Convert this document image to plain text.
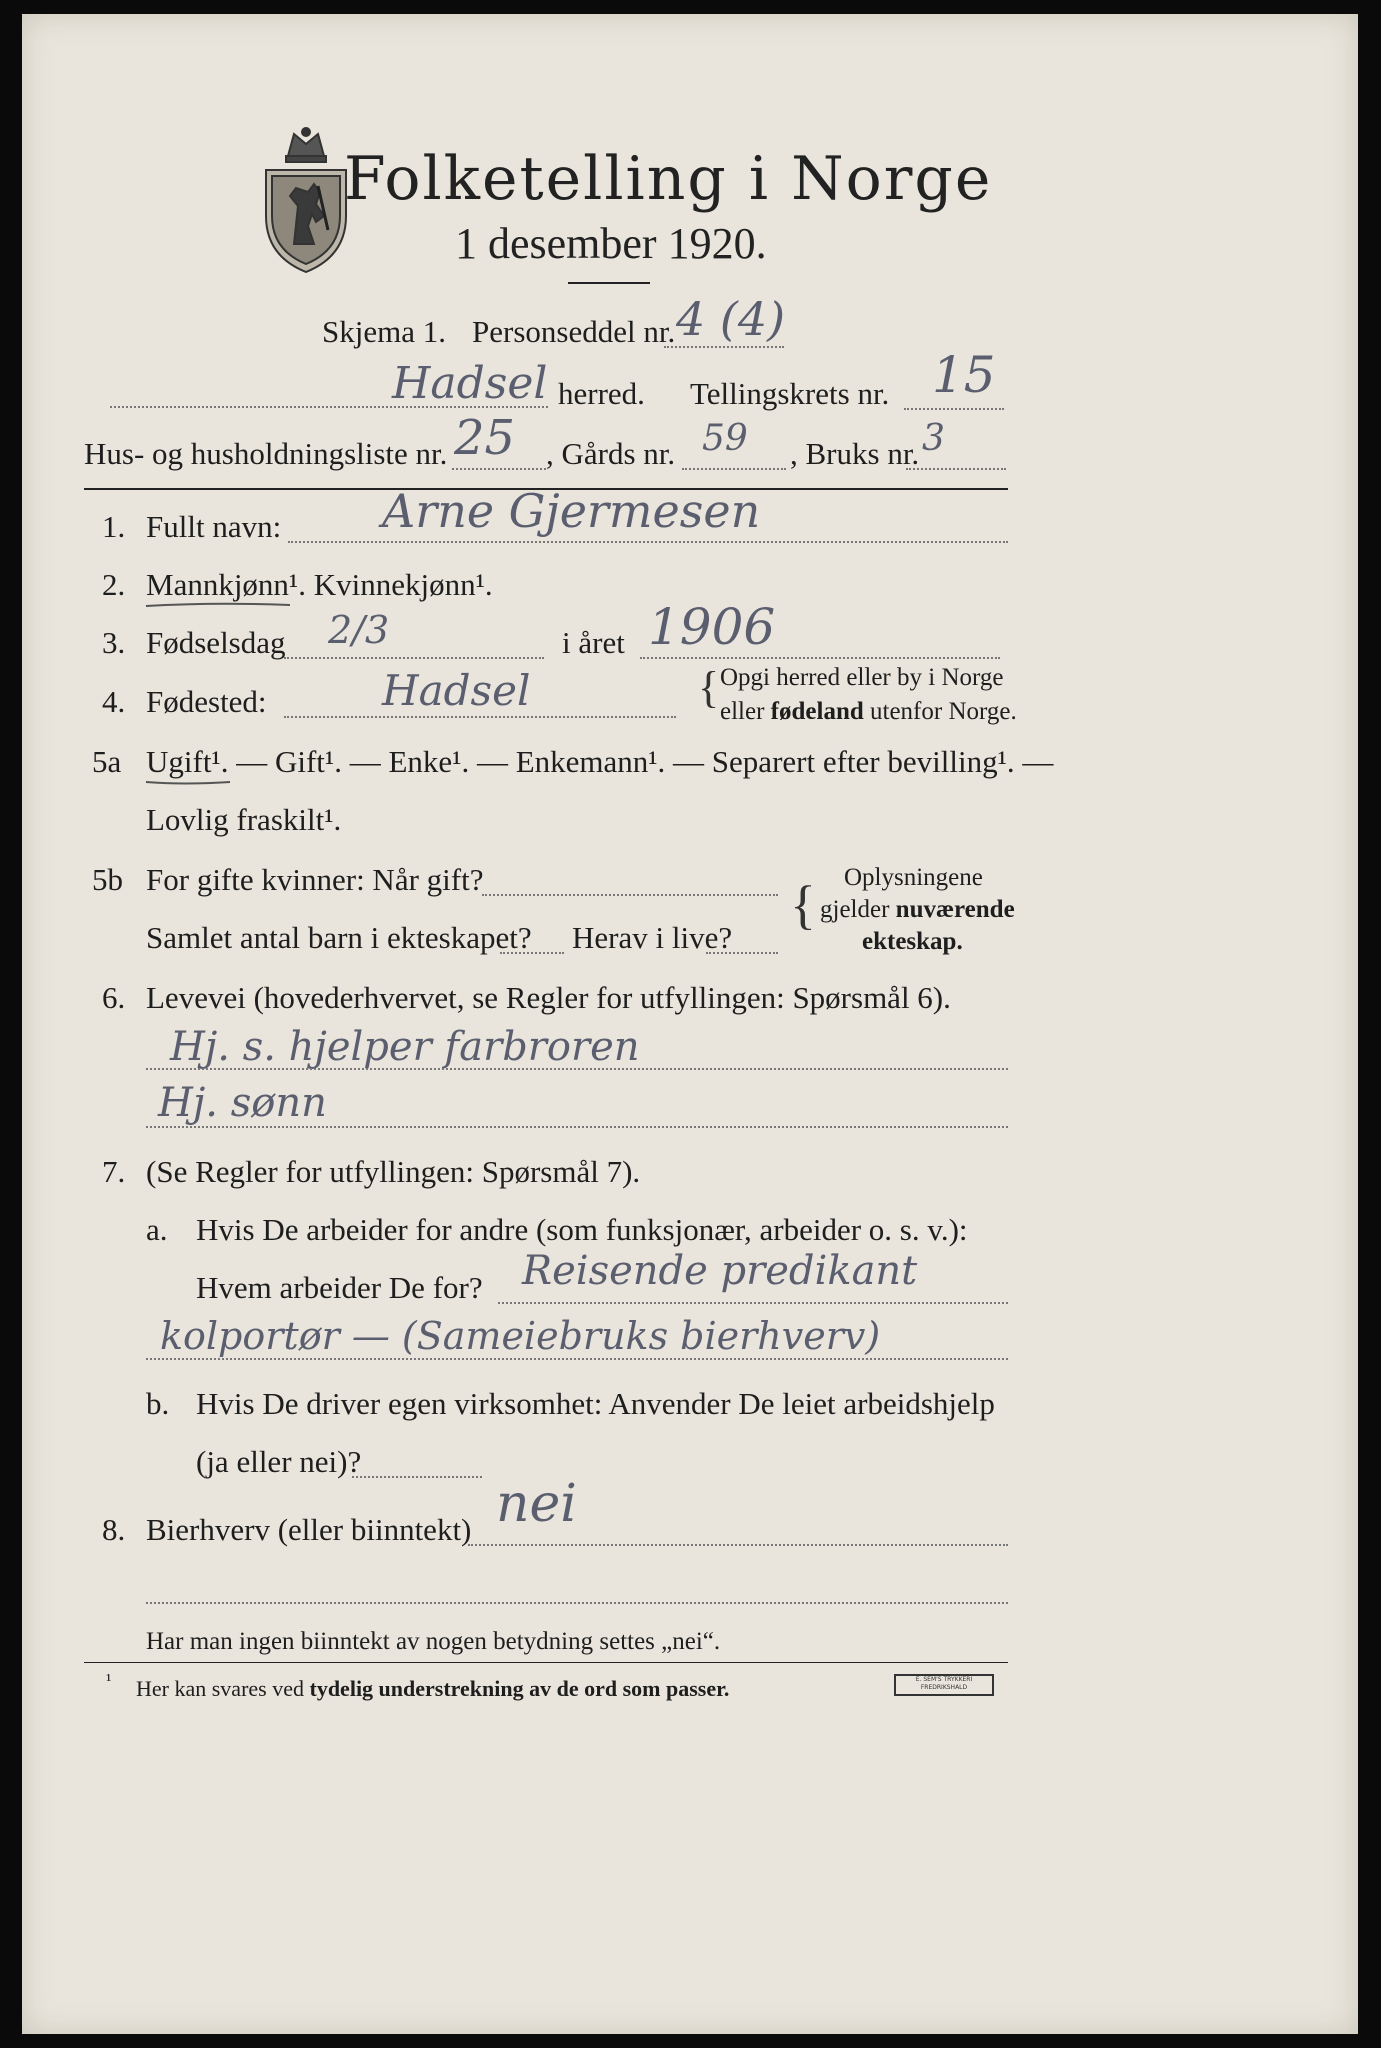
Folketelling i Norge
1 desember 1920.
Skjema 1. Personseddel nr. 4 (4)
Hadsel herred. Tellingskrets nr. 15
Hus- og husholdningsliste nr. 25 , Gårds nr. 59 , Bruks nr. 3
1. Fullt navn: Arne Gjermesen
2. Mannkjønn¹. Kvinnekjønn¹.
3. Fødselsdag 2/3	i året 1906
4. Fødested:	Hadsel	{ Opgi herred eller by i Norge
eller fødeland utenfor Norge.
5a Ugift¹. — Gift¹. — Enke¹. — Enkemann¹. — Separert efter bevilling¹. —
Lovlig fraskilt¹.
5b For gifte kvinner: Når gift?
Samlet antal barn i ekteskapet? Herav i live?
{ Oplysningene
gjelder nuværende
ekteskap.
6. Levevei (hovederhvervet, se Regler for utfyllingen: Spørsmål 6).
Hj. s. hjelper farbroren
Hj. sønn
7. (Se Regler for utfyllingen: Spørsmål 7).
a. Hvis De arbeider for andre (som funksjonær, arbeider o. s. v.):
Hvem arbeider De for? Reisende predikant
kolportør — (Sameiebruks bierhverv)
b. Hvis De driver egen virksomhet: Anvender De leiet arbeidshjelp
(ja eller nei)?
8. Bierhverv (eller biinntekt) nei
Har man ingen biinntekt av nogen betydning settes „nei“.
¹ Her kan svares ved tydelig understrekning av de ord som passer.	E. SEM'S TRYKKERI FREDRIKSHALD
